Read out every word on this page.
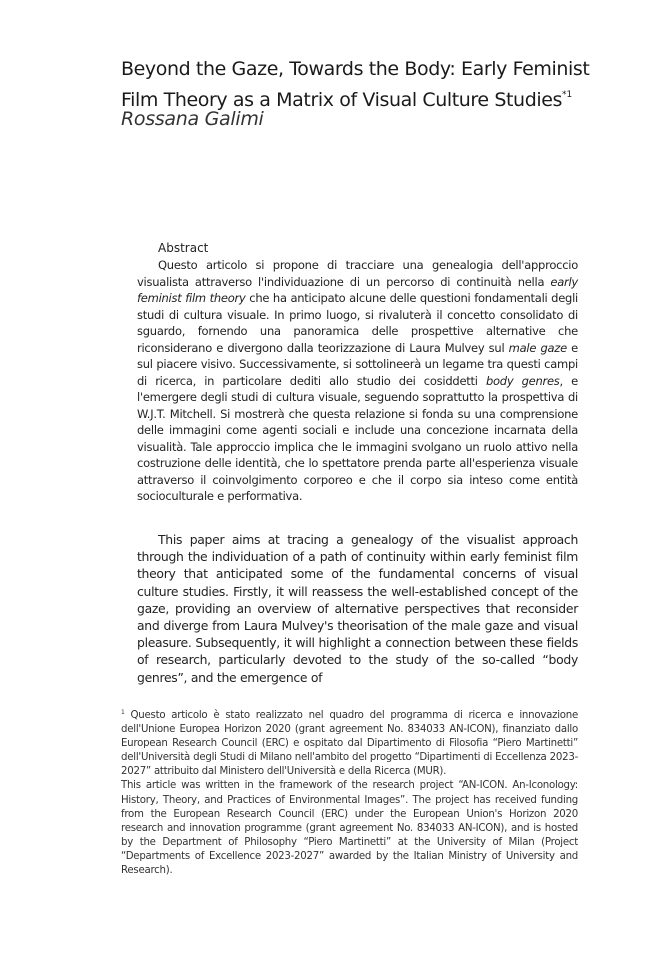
Beyond the Gaze, Towards the Body: Early Feminist Film Theory as a Matrix of Visual Culture Studies$^{*1}$
Rossana Galimi
Abstract
Questo articolo si propone di tracciare una genealogia dell'approccio visualista attraverso l'individuazione di un percorso di continuità nella early feminist film theory che ha anticipato alcune delle questioni fondamentali degli studi di cultura visuale. In primo luogo, si rivaluterà il concetto consolidato di sguardo, fornendo una panoramica delle prospettive alternative che riconsiderano e divergono dalla teorizzazione di Laura Mulvey sul male gaze e sul piacere visivo. Successivamente, si sottolineerà un legame tra questi campi di ricerca, in particolare dediti allo studio dei cosiddetti body genres, e l'emergere degli studi di cultura visuale, seguendo soprattutto la prospettiva di W.J.T. Mitchell. Si mostrerà che questa relazione si fonda su una comprensione delle immagini come agenti sociali e include una concezione incarnata della visualità. Tale approccio implica che le immagini svolgano un ruolo attivo nella costruzione delle identità, che lo spettatore prenda parte all'esperienza visuale attraverso il coinvolgimento corporeo e che il corpo sia inteso come entità socioculturale e performativa.
This paper aims at tracing a genealogy of the visualist approach through the individuation of a path of continuity within early feminist film theory that anticipated some of the fundamental concerns of visual culture studies. Firstly, it will reassess the well-established concept of the gaze, providing an overview of alternative perspectives that reconsider and diverge from Laura Mulvey's theorisation of the male gaze and visual pleasure. Subsequently, it will highlight a connection between these fields of research, particularly devoted to the study of the so-called “body genres”, and the emergence of

$^1$ Questo articolo è stato realizzato nel quadro del programma di ricerca e innovazione dell'Unione Europea Horizon 2020 (grant agreement No. 834033 AN-ICON), finanziato dallo European Research Council (ERC) e ospitato dal Dipartimento di Filosofia “Piero Martinetti” dell'Università degli Studi di Milano nell'ambito del progetto “Dipartimenti di Eccellenza 2023-2027” attribuito dal Ministero dell'Università e della Ricerca (MUR).

This article was written in the framework of the research project “AN-ICON. An-Iconology: History, Theory, and Practices of Environmental Images”. The project has received funding from the European Research Council (ERC) under the European Union's Horizon 2020 research and innovation programme (grant agreement No. 834033 AN-ICON), and is hosted by the Department of Philosophy “Piero Martinetti” at the University of Milan (Project “Departments of Excellence 2023-2027” awarded by the Italian Ministry of University and Research).
